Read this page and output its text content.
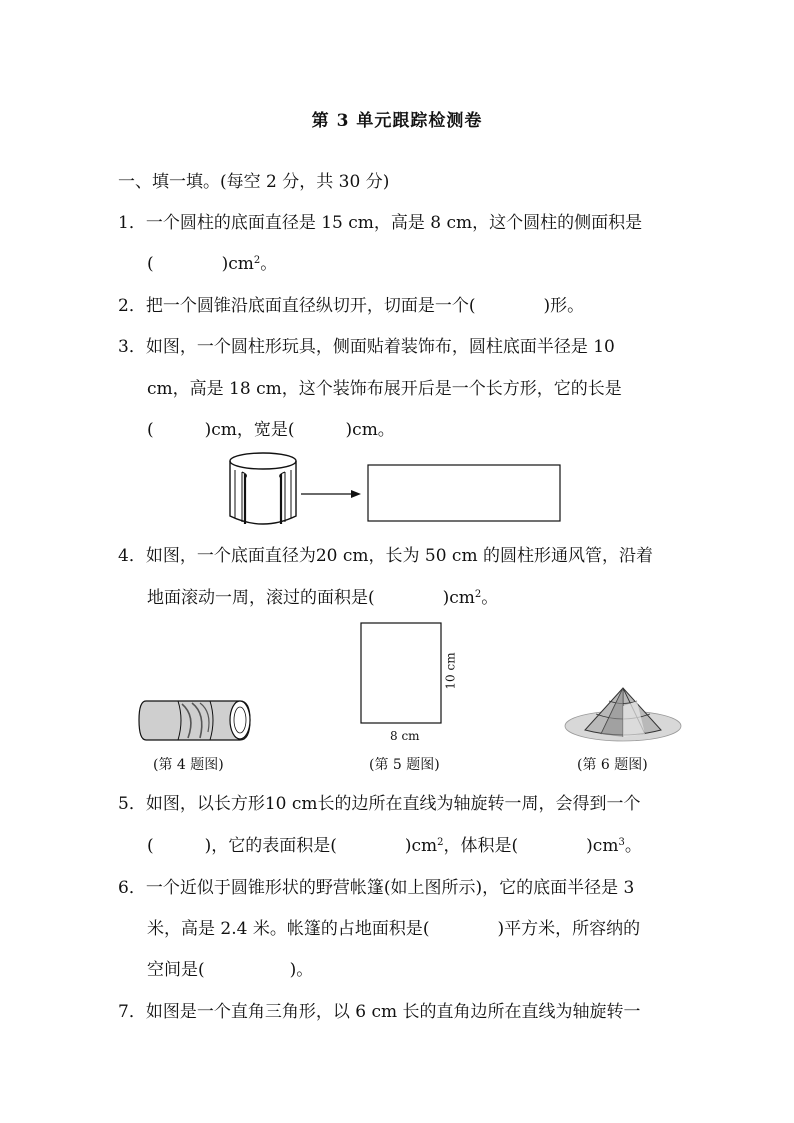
第 3 单元跟踪检测卷
一、填一填。(每空 2 分，共 30 分)
1．一个圆柱的底面直径是 15 cm，高是 8 cm，这个圆柱的侧面积是
(　　　　)$cm^2$。
2．把一个圆锥沿底面直径纵切开，切面是一个(　　　　)形。
3．如图，一个圆柱形玩具，侧面贴着装饰布，圆柱底面半径是 10
cm，高是 18 cm，这个装饰布展开后是一个长方形，它的长是
(　　　)cm，宽是(　　　)cm。
4．如图，一个底面直径为20 cm，长为 50 cm 的圆柱形通风管，沿着
地面滚动一周，滚过的面积是(　　　　)$cm^2$。
10 cm
8 cm
(第 4 题图)	(第 5 题图)	(第 6 题图)
5．如图，以长方形10 cm长的边所在直线为轴旋转一周，会得到一个
(　　　)，它的表面积是(　　　　)$cm^2$，体积是(　　　　)$cm^3$。
6．一个近似于圆锥形状的野营帐篷(如上图所示)，它的底面半径是 3
米，高是 2.4 米。帐篷的占地面积是(　　　　)平方米，所容纳的
空间是(　　　　　)。
7．如图是一个直角三角形，以 6 cm 长的直角边所在直线为轴旋转一
